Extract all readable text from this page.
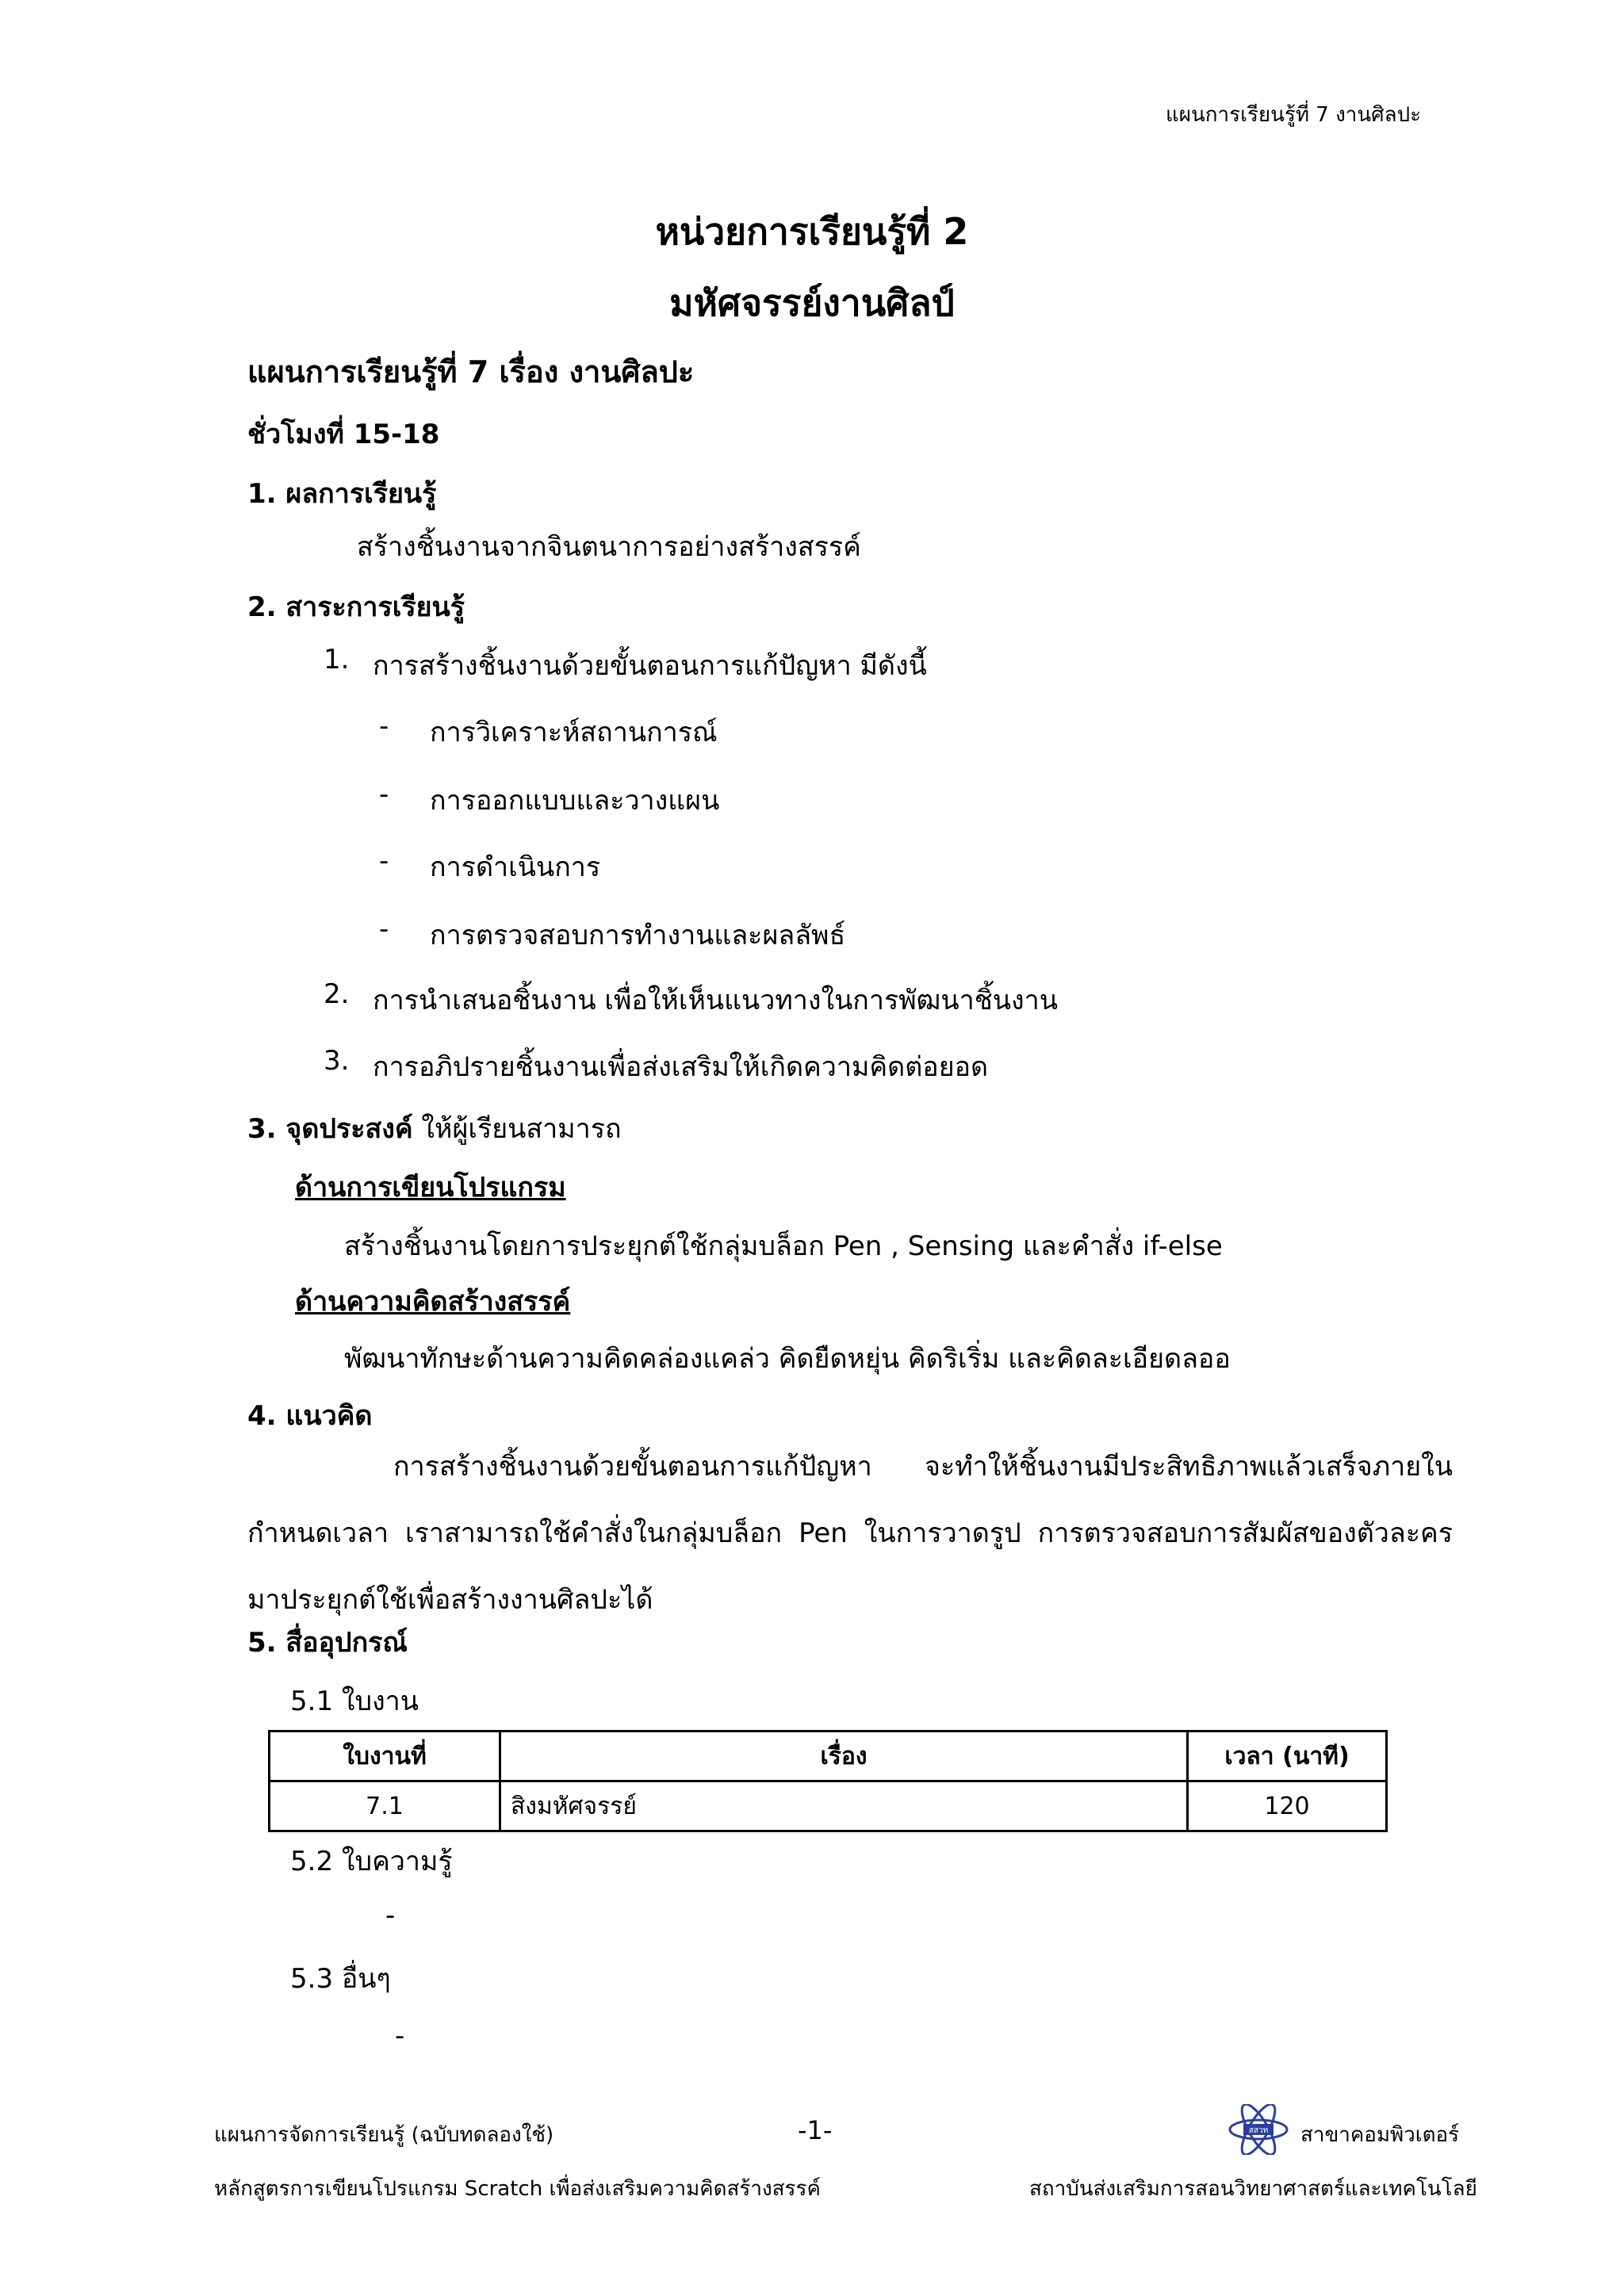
แผนการเรียนรู้ที่ 7 งานศิลปะ
หน่วยการเรียนรู้ที่ 2
มหัศจรรย์งานศิลป์
แผนการเรียนรู้ที่ 7 เรื่อง งานศิลปะ
ชั่วโมงที่ 15-18
1. ผลการเรียนรู้
สร้างชิ้นงานจากจินตนาการอย่างสร้างสรรค์
2. สาระการเรียนรู้
1. การสร้างชิ้นงานด้วยขั้นตอนการแก้ปัญหา มีดังนี้
- การวิเคราะห์สถานการณ์
- การออกแบบและวางแผน
- การดำเนินการ
- การตรวจสอบการทำงานและผลลัพธ์
2. การนำเสนอชิ้นงาน เพื่อให้เห็นแนวทางในการพัฒนาชิ้นงาน
3. การอภิปรายชิ้นงานเพื่อส่งเสริมให้เกิดความคิดต่อยอด
3. จุดประสงค์ ให้ผู้เรียนสามารถ
ด้านการเขียนโปรแกรม
สร้างชิ้นงานโดยการประยุกต์ใช้กลุ่มบล็อก Pen , Sensing และคำสั่ง if-else
ด้านความคิดสร้างสรรค์
พัฒนาทักษะด้านความคิดคล่องแคล่ว คิดยืดหยุ่น คิดริเริ่ม และคิดละเอียดลออ
4. แนวคิด
การสร้างชิ้นงานด้วยขั้นตอนการแก้ปัญหา จะทำให้ชิ้นงานมีประสิทธิภาพแล้วเสร็จภายในกำหนดเวลา เราสามารถใช้คำสั่งในกลุ่มบล็อก Pen ในการวาดรูป การตรวจสอบการสัมผัสของตัวละคร มาประยุกต์ใช้เพื่อสร้างงานศิลปะได้
5. สื่ออุปกรณ์
5.1 ใบงาน
ใบงานที่	เรื่อง	เวลา (นาที)
7.1	สิงมหัศจรรย์	120
5.2 ใบความรู้
-
5.3 อื่นๆ
-
แผนการจัดการเรียนรู้ (ฉบับทดลองใช้)	-1-	สสวท สาขาคอมพิวเตอร์
หลักสูตรการเขียนโปรแกรม Scratch เพื่อส่งเสริมความคิดสร้างสรรค์	สถาบันส่งเสริมการสอนวิทยาศาสตร์และเทคโนโลยี
